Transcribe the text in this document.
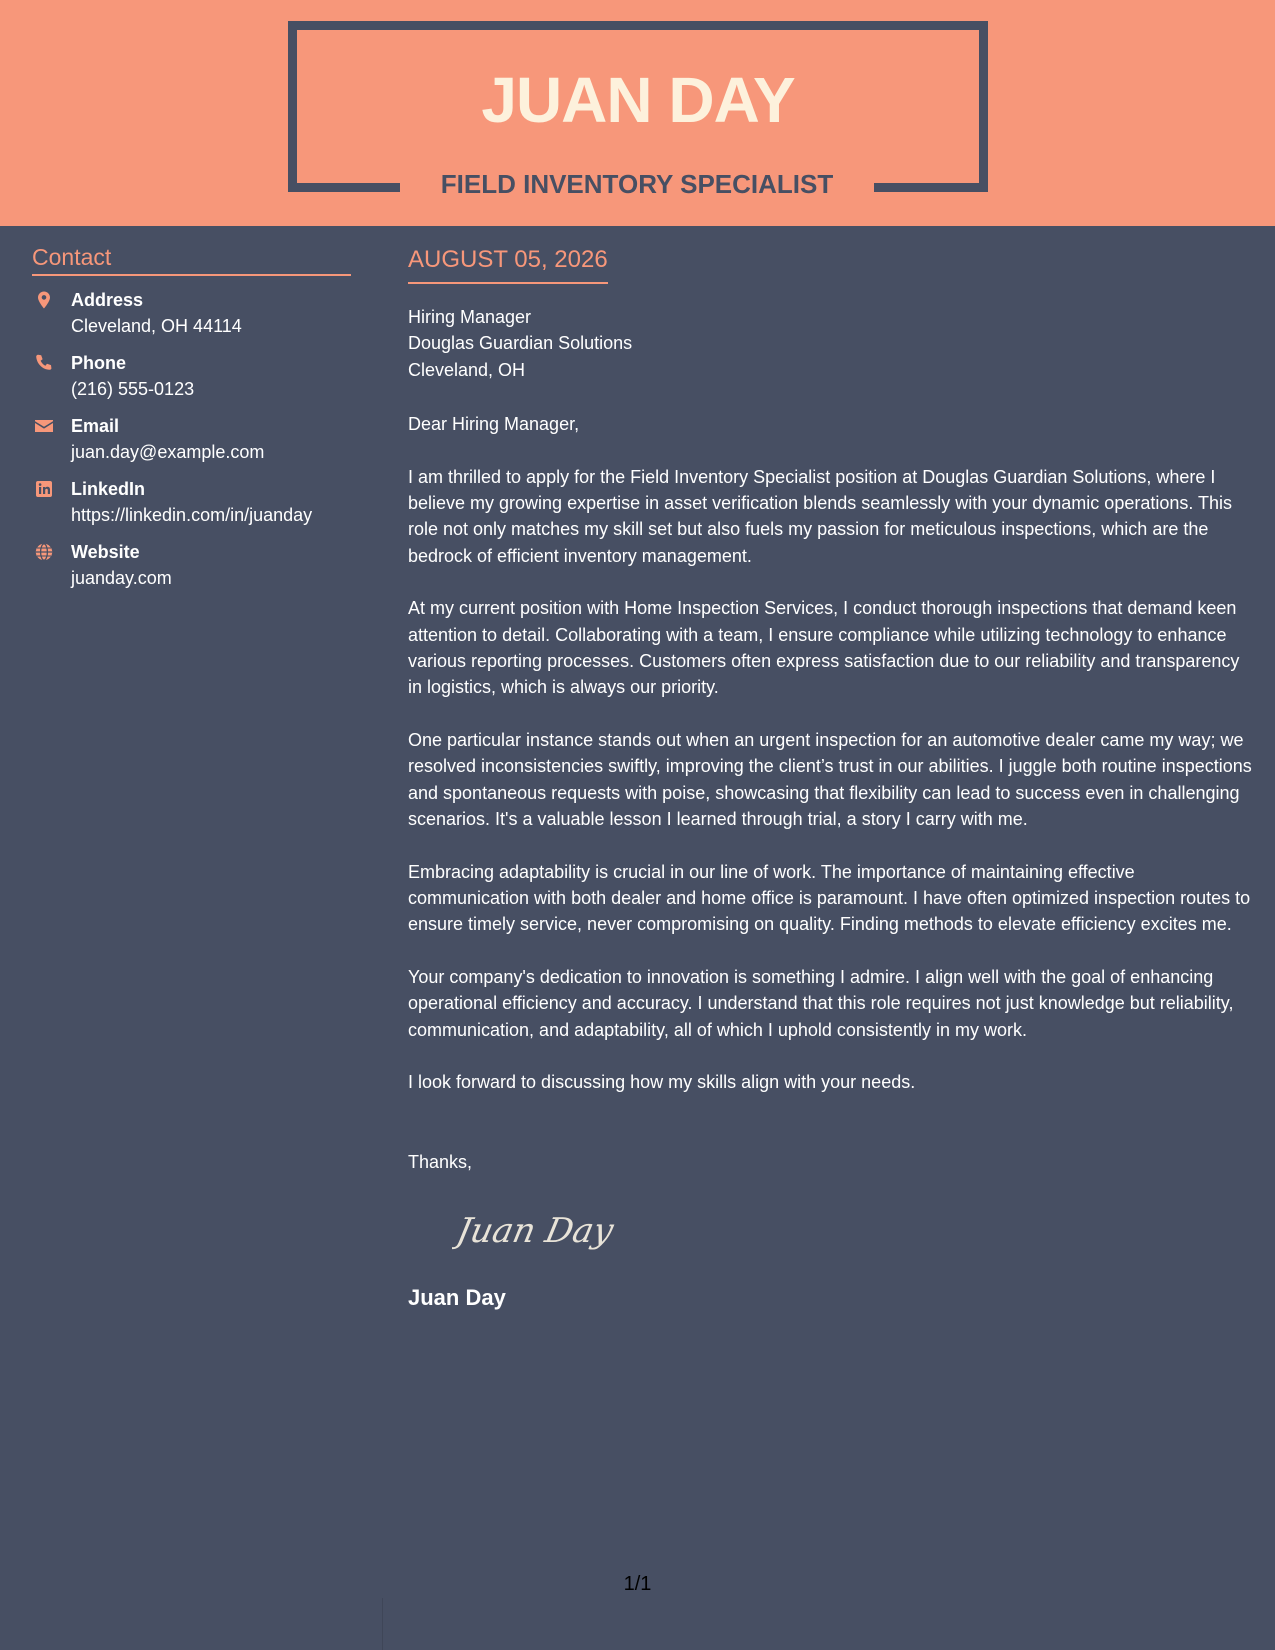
JUAN DAY
FIELD INVENTORY SPECIALIST
Contact
Address
Cleveland, OH 44114
Phone
(216) 555-0123
Email
juan.day@example.com
LinkedIn
https://linkedin.com/in/juanday
Website
juanday.com
AUGUST 05, 2026
Hiring Manager
Douglas Guardian Solutions
Cleveland, OH
Dear Hiring Manager,

I am thrilled to apply for the Field Inventory Specialist position at Douglas Guardian Solutions, where I believe my growing expertise in asset verification blends seamlessly with your dynamic operations. This role not only matches my skill set but also fuels my passion for meticulous inspections, which are the bedrock of efficient inventory management.

At my current position with Home Inspection Services, I conduct thorough inspections that demand keen attention to detail. Collaborating with a team, I ensure compliance while utilizing technology to enhance various reporting processes. Customers often express satisfaction due to our reliability and transparency in logistics, which is always our priority.

One particular instance stands out when an urgent inspection for an automotive dealer came my way; we resolved inconsistencies swiftly, improving the client’s trust in our abilities. I juggle both routine inspections and spontaneous requests with poise, showcasing that flexibility can lead to success even in challenging scenarios. It's a valuable lesson I learned through trial, a story I carry with me.

Embracing adaptability is crucial in our line of work. The importance of maintaining effective communication with both dealer and home office is paramount. I have often optimized inspection routes to ensure timely service, never compromising on quality. Finding methods to elevate efficiency excites me.

Your company's dedication to innovation is something I admire. I align well with the goal of enhancing operational efficiency and accuracy. I understand that this role requires not just knowledge but reliability, communication, and adaptability, all of which I uphold consistently in my work.

I look forward to discussing how my skills align with your needs.

Thanks,
Juan Day
Juan Day
1/1
